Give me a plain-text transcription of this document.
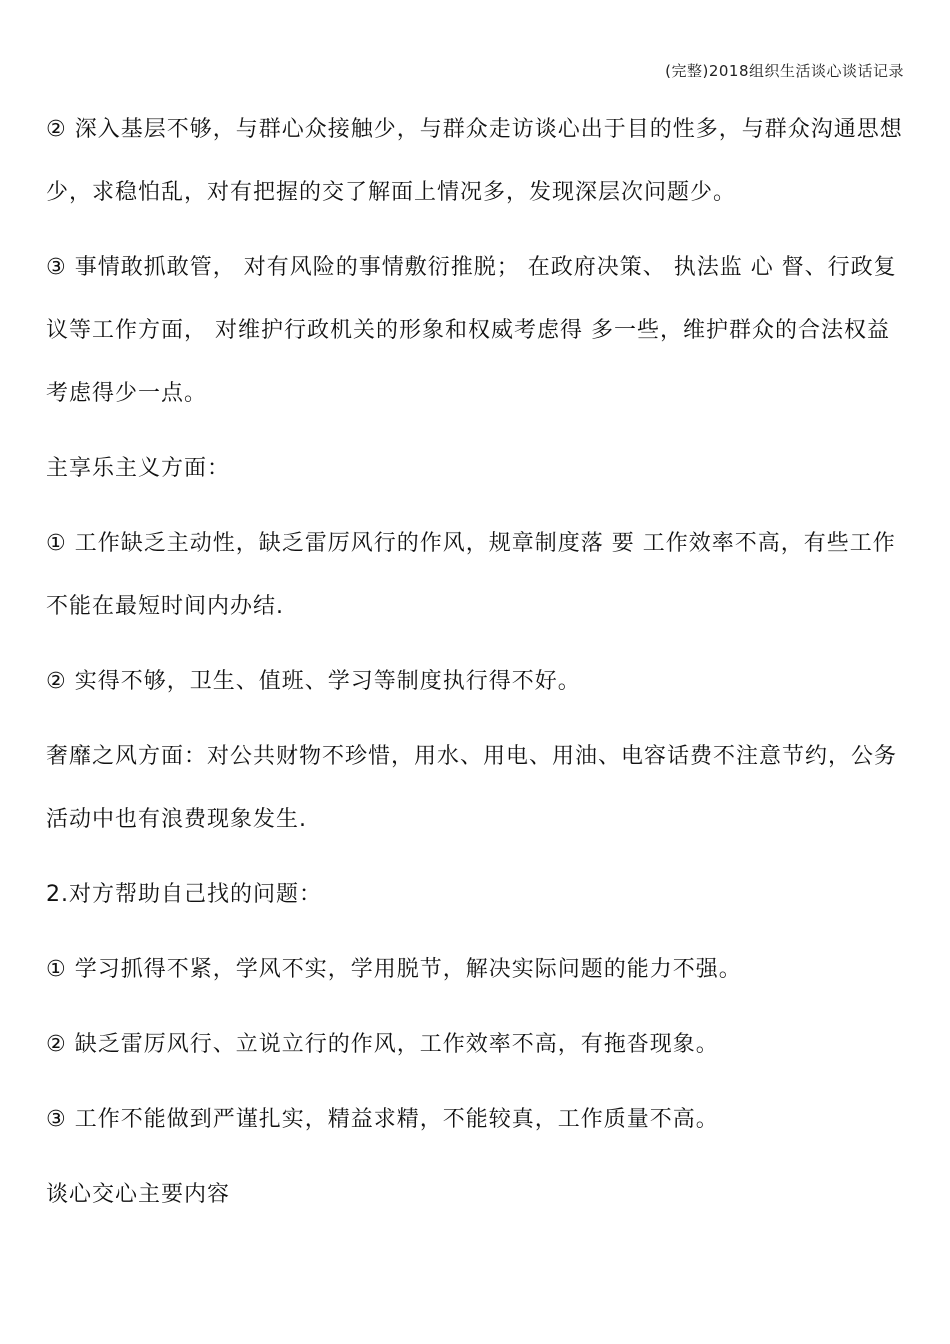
(完整)2018组织生活谈心谈话记录

② 深入基层不够，与群心众接触少，与群众走访谈心出于目的性多，与群众沟通思想少，求稳怕乱，对有把握的交了解面上情况多，发现深层次问题少。

③ 事情敢抓敢管， 对有风险的事情敷衍推脱； 在政府决策、 执法监 心 督、行政复议等工作方面， 对维护行政机关的形象和权威考虑得 多一些，维护群众的合法权益考虑得少一点。

主享乐主义方面：

① 工作缺乏主动性，缺乏雷厉风行的作风，规章制度落 要 工作效率不高，有些工作不能在最短时间内办结.

② 实得不够，卫生、值班、学习等制度执行得不好。

奢靡之风方面：对公共财物不珍惜，用水、用电、用油、电容话费不注意节约，公务活动中也有浪费现象发生.

2.对方帮助自己找的问题：

① 学习抓得不紧，学风不实，学用脱节，解决实际问题的能力不强。

② 缺乏雷厉风行、立说立行的作风，工作效率不高，有拖沓现象。

③ 工作不能做到严谨扎实，精益求精，不能较真，工作质量不高。

谈心交心主要内容
